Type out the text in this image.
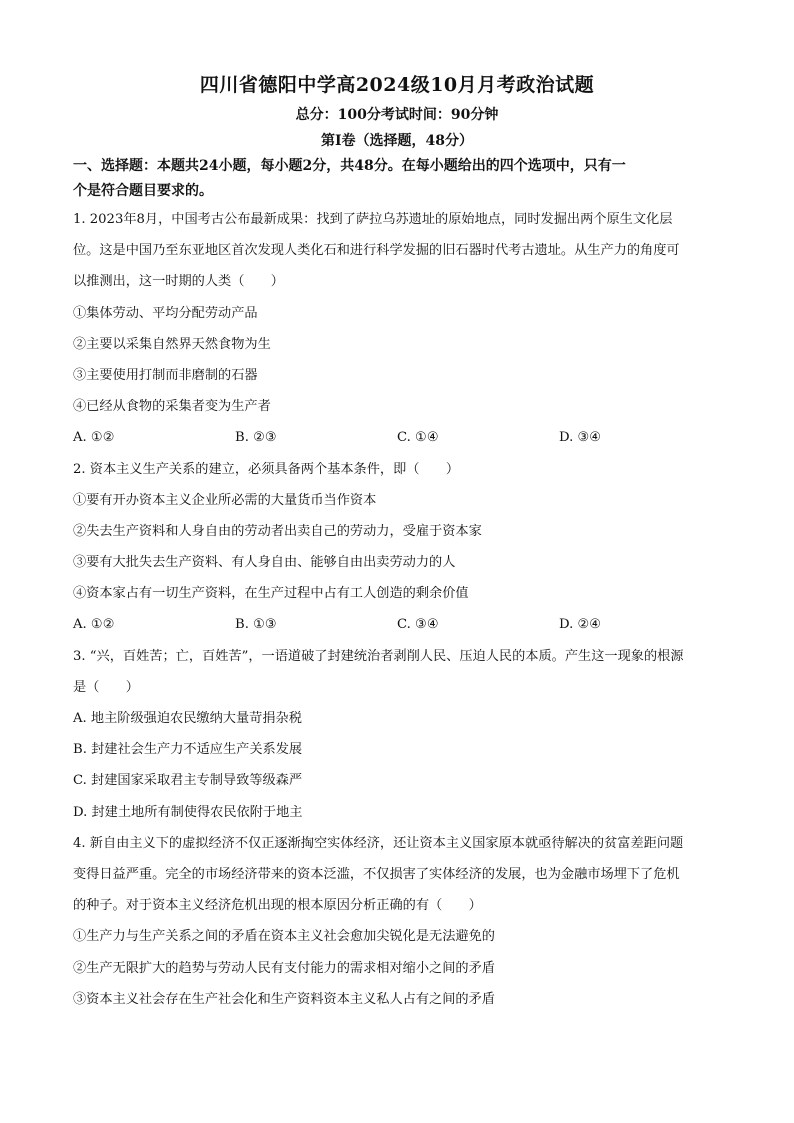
四川省德阳中学高2024级10月月考政治试题
总分：100分考试时间：90分钟
第Ⅰ卷（选择题，48分）
一、选择题：本题共24小题，每小题2分，共48分。在每小题给出的四个选项中，只有一
个是符合题目要求的。
1. 2023年8月，中国考古公布最新成果：找到了萨拉乌苏遗址的原始地点，同时发掘出两个原生文化层
位。这是中国乃至东亚地区首次发现人类化石和进行科学发掘的旧石器时代考古遗址。从生产力的角度可
以推测出，这一时期的人类（　　）
①集体劳动、平均分配劳动产品
②主要以采集自然界天然食物为生
③主要使用打制而非磨制的石器
④已经从食物的采集者变为生产者
A. ①②	B. ②③	C. ①④	D. ③④
2. 资本主义生产关系的建立，必须具备两个基本条件，即（　　）
①要有开办资本主义企业所必需的大量货币当作资本
②失去生产资料和人身自由的劳动者出卖自己的劳动力，受雇于资本家
③要有大批失去生产资料、有人身自由、能够自由出卖劳动力的人
④资本家占有一切生产资料，在生产过程中占有工人创造的剩余价值
A. ①②	B. ①③	C. ③④	D. ②④
3. “兴，百姓苦；亡，百姓苦”，一语道破了封建统治者剥削人民、压迫人民的本质。产生这一现象的根源
是（　　）
A. 地主阶级强迫农民缴纳大量苛捐杂税
B. 封建社会生产力不适应生产关系发展
C. 封建国家采取君主专制导致等级森严
D. 封建土地所有制使得农民依附于地主
4. 新自由主义下的虚拟经济不仅正逐渐掏空实体经济，还让资本主义国家原本就亟待解决的贫富差距问题
变得日益严重。完全的市场经济带来的资本泛滥，不仅损害了实体经济的发展，也为金融市场埋下了危机
的种子。对于资本主义经济危机出现的根本原因分析正确的有（　　）
①生产力与生产关系之间的矛盾在资本主义社会愈加尖锐化是无法避免的
②生产无限扩大的趋势与劳动人民有支付能力的需求相对缩小之间的矛盾
③资本主义社会存在生产社会化和生产资料资本主义私人占有之间的矛盾
